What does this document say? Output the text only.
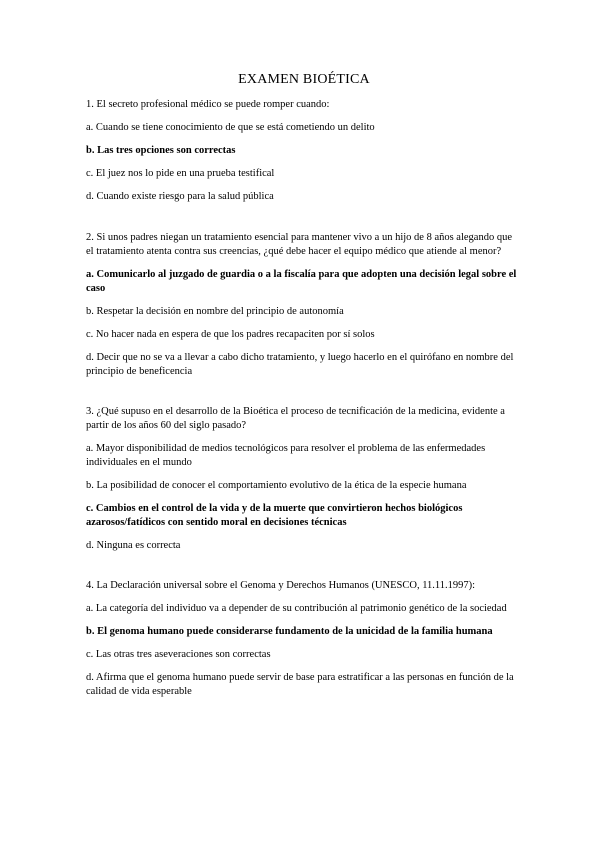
EXAMEN BIOÉTICA
1. El secreto profesional médico se puede romper cuando:
a. Cuando se tiene conocimiento de que se está cometiendo un delito
b. Las tres opciones son correctas
c. El juez nos lo pide en una prueba testifical
d. Cuando existe riesgo para la salud pública
2. Si unos padres niegan un tratamiento esencial para mantener vivo a un hijo de 8 años alegando que el tratamiento atenta contra sus creencias, ¿qué debe hacer el equipo médico que atiende al menor?
a. Comunicarlo al juzgado de guardia o a la fiscalía para que adopten una decisión legal sobre el caso
b. Respetar la decisión en nombre del principio de autonomía
c. No hacer nada en espera de que los padres recapaciten por sí solos
d. Decir que no se va a llevar a cabo dicho tratamiento, y luego hacerlo en el quirófano en nombre del principio de beneficencia
3. ¿Qué supuso en el desarrollo de la Bioética el proceso de tecnificación de la medicina, evidente a partir de los años 60 del siglo pasado?
a. Mayor disponibilidad de medios tecnológicos para resolver el problema de las enfermedades individuales en el mundo
b. La posibilidad de conocer el comportamiento evolutivo de la ética de la especie humana
c. Cambios en el control de la vida y de la muerte que convirtieron hechos biológicos azarosos/fatídicos con sentido moral en decisiones técnicas
d. Ninguna es correcta
4. La Declaración universal sobre el Genoma y Derechos Humanos (UNESCO, 11.11.1997):
a. La categoría del individuo va a depender de su contribución al patrimonio genético de la sociedad
b. El genoma humano puede considerarse fundamento de la unicidad de la familia humana
c. Las otras tres aseveraciones son correctas
d. Afirma que el genoma humano puede servir de base para estratificar a las personas en función de la calidad de vida esperable
